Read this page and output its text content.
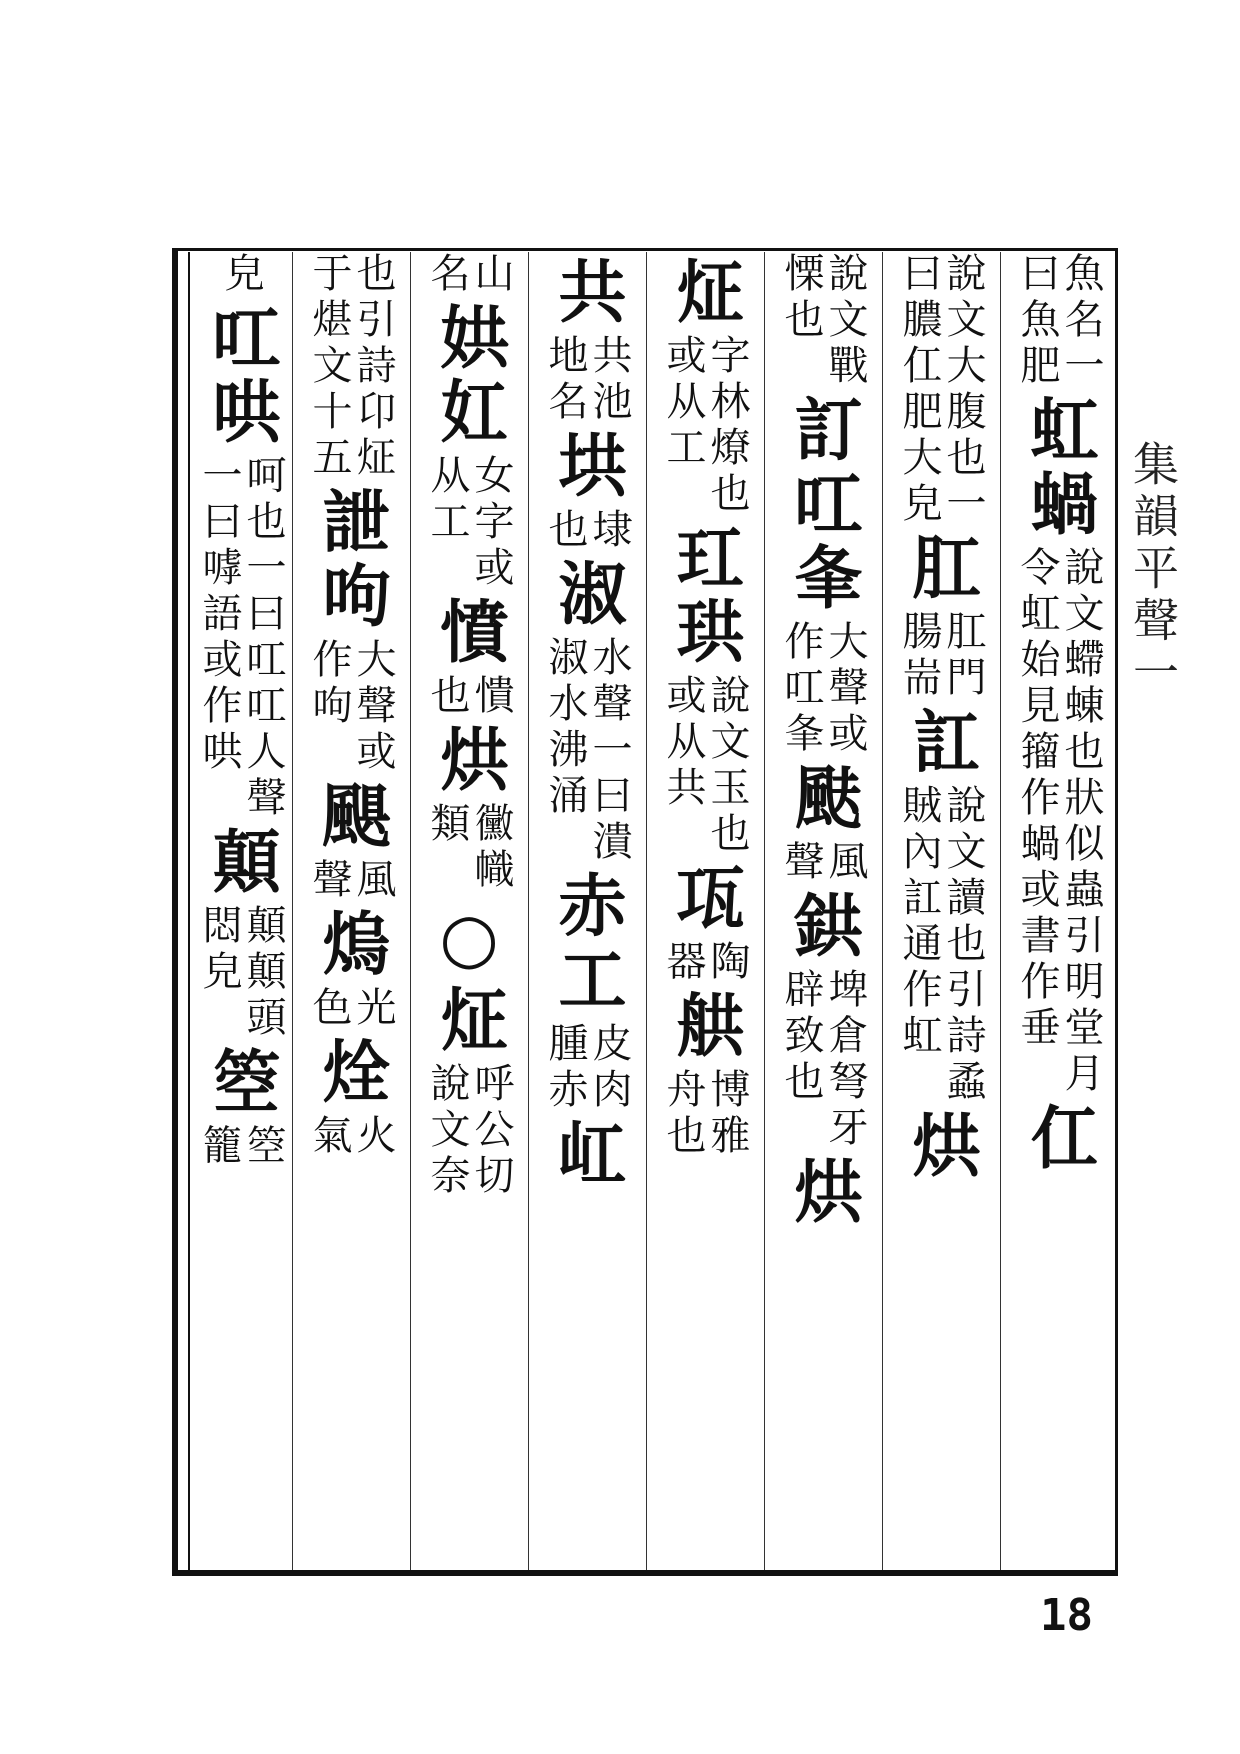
魚名一
曰魚肥
虹蝸
說文螮蝀也狀似蟲引明堂月
令虹始見籀作蝸或書作垂
仜
說文大腹也一
曰膿仜肥大皃
肛
肛門
腸耑
訌
說文讀也引詩蟊
賊內訌通作虹
烘
說文戰
慄也
訂叿夆
大聲或
作叿夆
颫
風
聲
鉷
埤倉弩牙
辟致也
烘
炡
字林燎也
或从工
玒珙
說文玉也
或从共
瓨
陶
器
舼
博雅
舟也
共
共池
地名
垬
埭
也
淑
水聲一曰潰
淑水沸涌
赤工
皮肉
腫赤
屸
山
名
娂妅
女字或
从工
憤
憒
也
烘
黴幟
類
○炡
呼公切
說文奈
也引詩卬炡
于煁文十五
詍呴
大聲或
作呴
颶
風
聲
熓
光
色
烇
火
氣
皃
叿哄
呵也一曰叿叿人聲
一曰嘑語或作哄
顛
顛顛頭
悶皃
箜
箜
籠
集韻平聲一
18
